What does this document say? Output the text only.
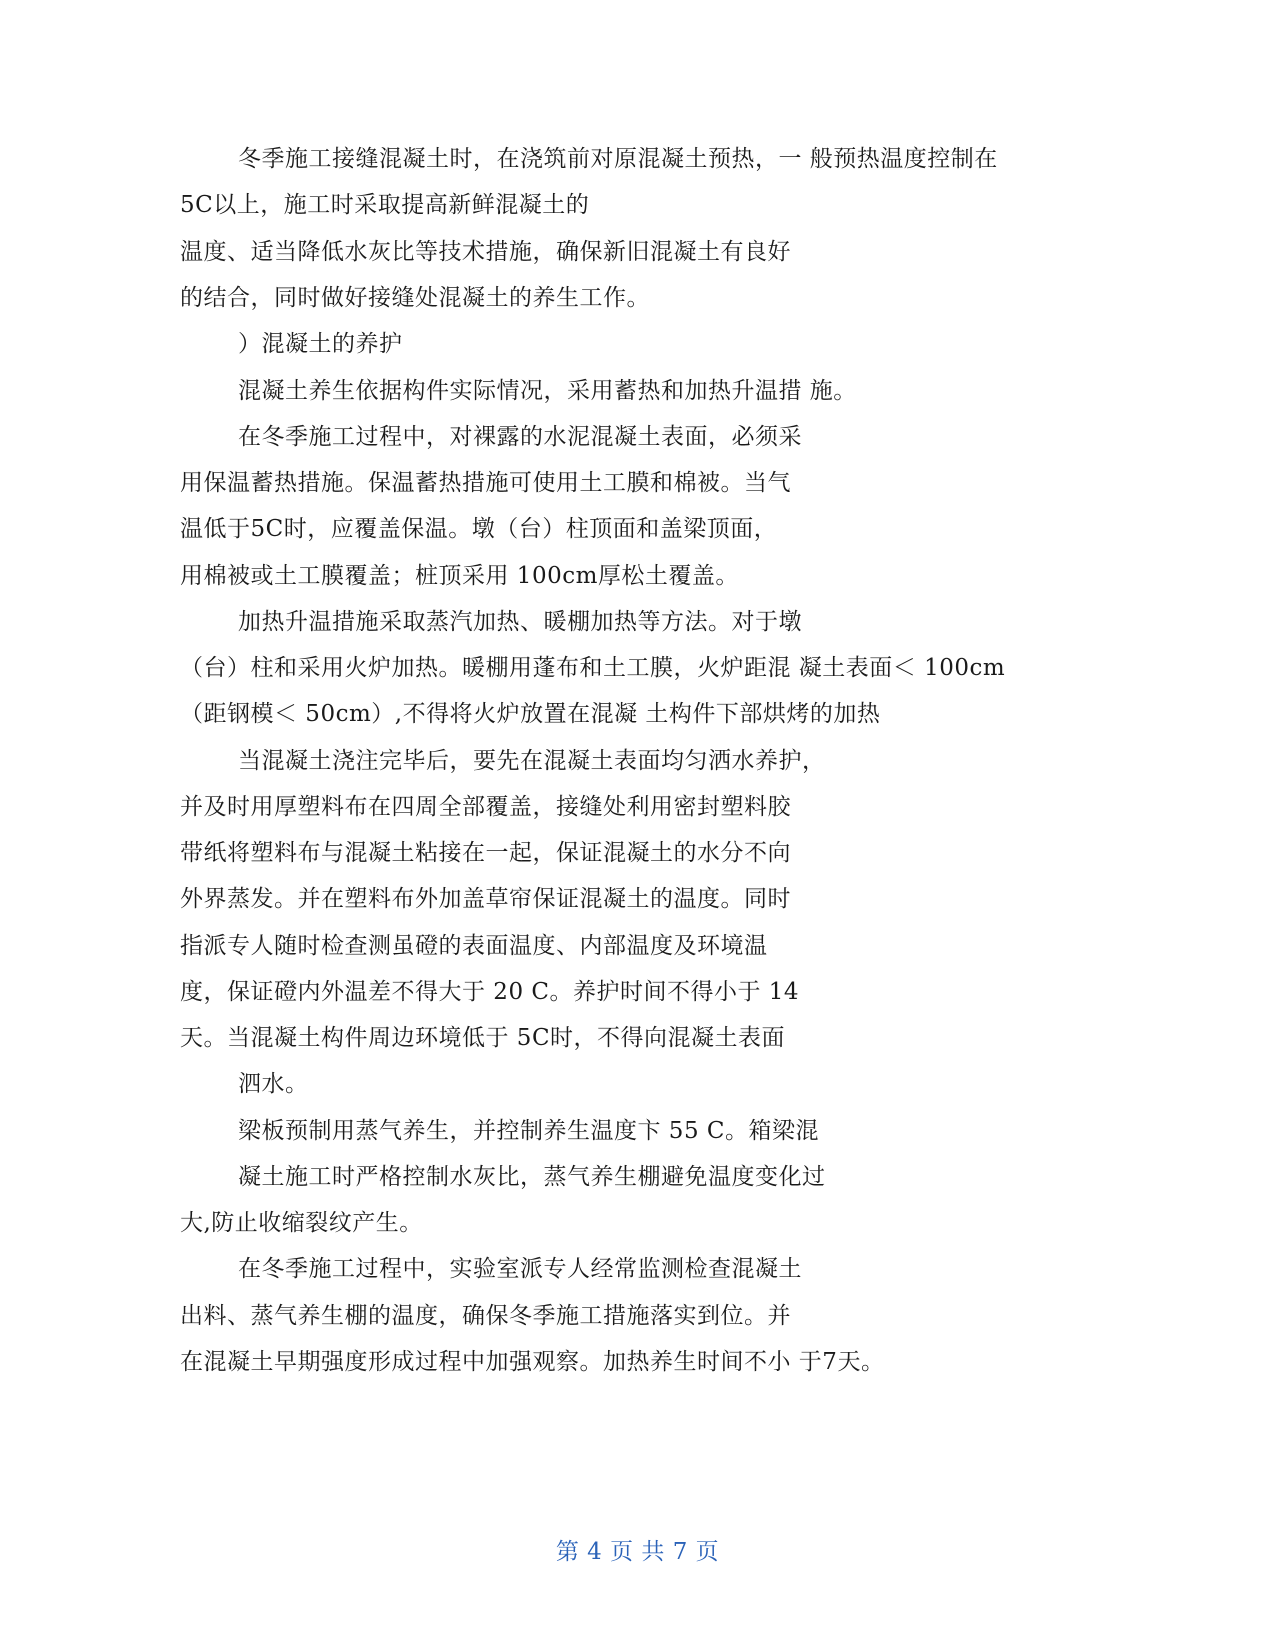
冬季施工接缝混凝土时，在浇筑前对原混凝土预热，一 般预热温度控制在
5C以上，施工时采取提高新鲜混凝土的
温度、适当降低水灰比等技术措施，确保新旧混凝土有良好
的结合，同时做好接缝处混凝土的养生工作。
）混凝土的养护
混凝土养生依据构件实际情况，采用蓄热和加热升温措 施。
在冬季施工过程中，对裸露的水泥混凝土表面，必须采
用保温蓄热措施。保温蓄热措施可使用土工膜和棉被。当气
温低于5C时，应覆盖保温。墩（台）柱顶面和盖梁顶面，
用棉被或土工膜覆盖；桩顶采用 100cm厚松土覆盖。
加热升温措施采取蒸汽加热、暖棚加热等方法。对于墩
（台）柱和采用火炉加热。暖棚用蓬布和土工膜，火炉距混 凝土表面＜ 100cm
（距钢模＜ 50cm）,不得将火炉放置在混凝 土构件下部烘烤的加热
当混凝土浇注完毕后，要先在混凝土表面均匀洒水养护，
并及时用厚塑料布在四周全部覆盖，接缝处利用密封塑料胶
带纸将塑料布与混凝土粘接在一起，保证混凝土的水分不向
外界蒸发。并在塑料布外加盖草帘保证混凝土的温度。同时
指派专人随时检查测虽磴的表面温度、内部温度及环境温
度，保证磴内外温差不得大于 20 C。养护时间不得小于 14
天。当混凝土构件周边环境低于 5C时，不得向混凝土表面
泗水。
梁板预制用蒸气养生，并控制养生温度卞 55 C。箱梁混
凝土施工时严格控制水灰比，蒸气养生棚避免温度变化过
大,防止收缩裂纹产生。
在冬季施工过程中，实验室派专人经常监测检查混凝土
出料、蒸气养生棚的温度，确保冬季施工措施落实到位。并
在混凝土早期强度形成过程中加强观察。加热养生时间不小 于7天。
第 4 页 共 7 页
